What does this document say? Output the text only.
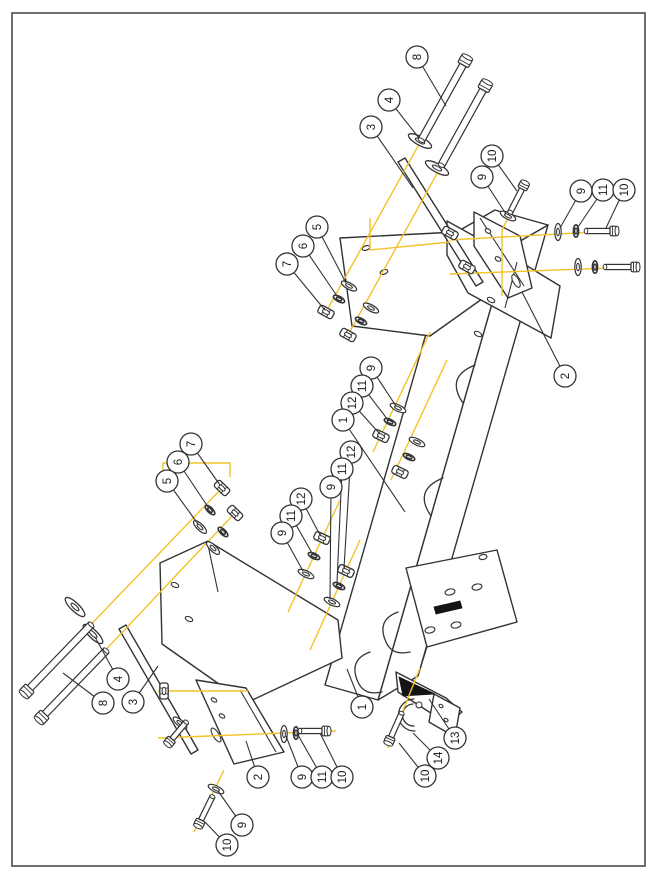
8
4
3
10
9
9 11 10
5
6
7
2
9
11
12
1
12
11
9
12
11
9
7
6
5
4
8 3
2	9 11 10
9
10
1
13
14
10
